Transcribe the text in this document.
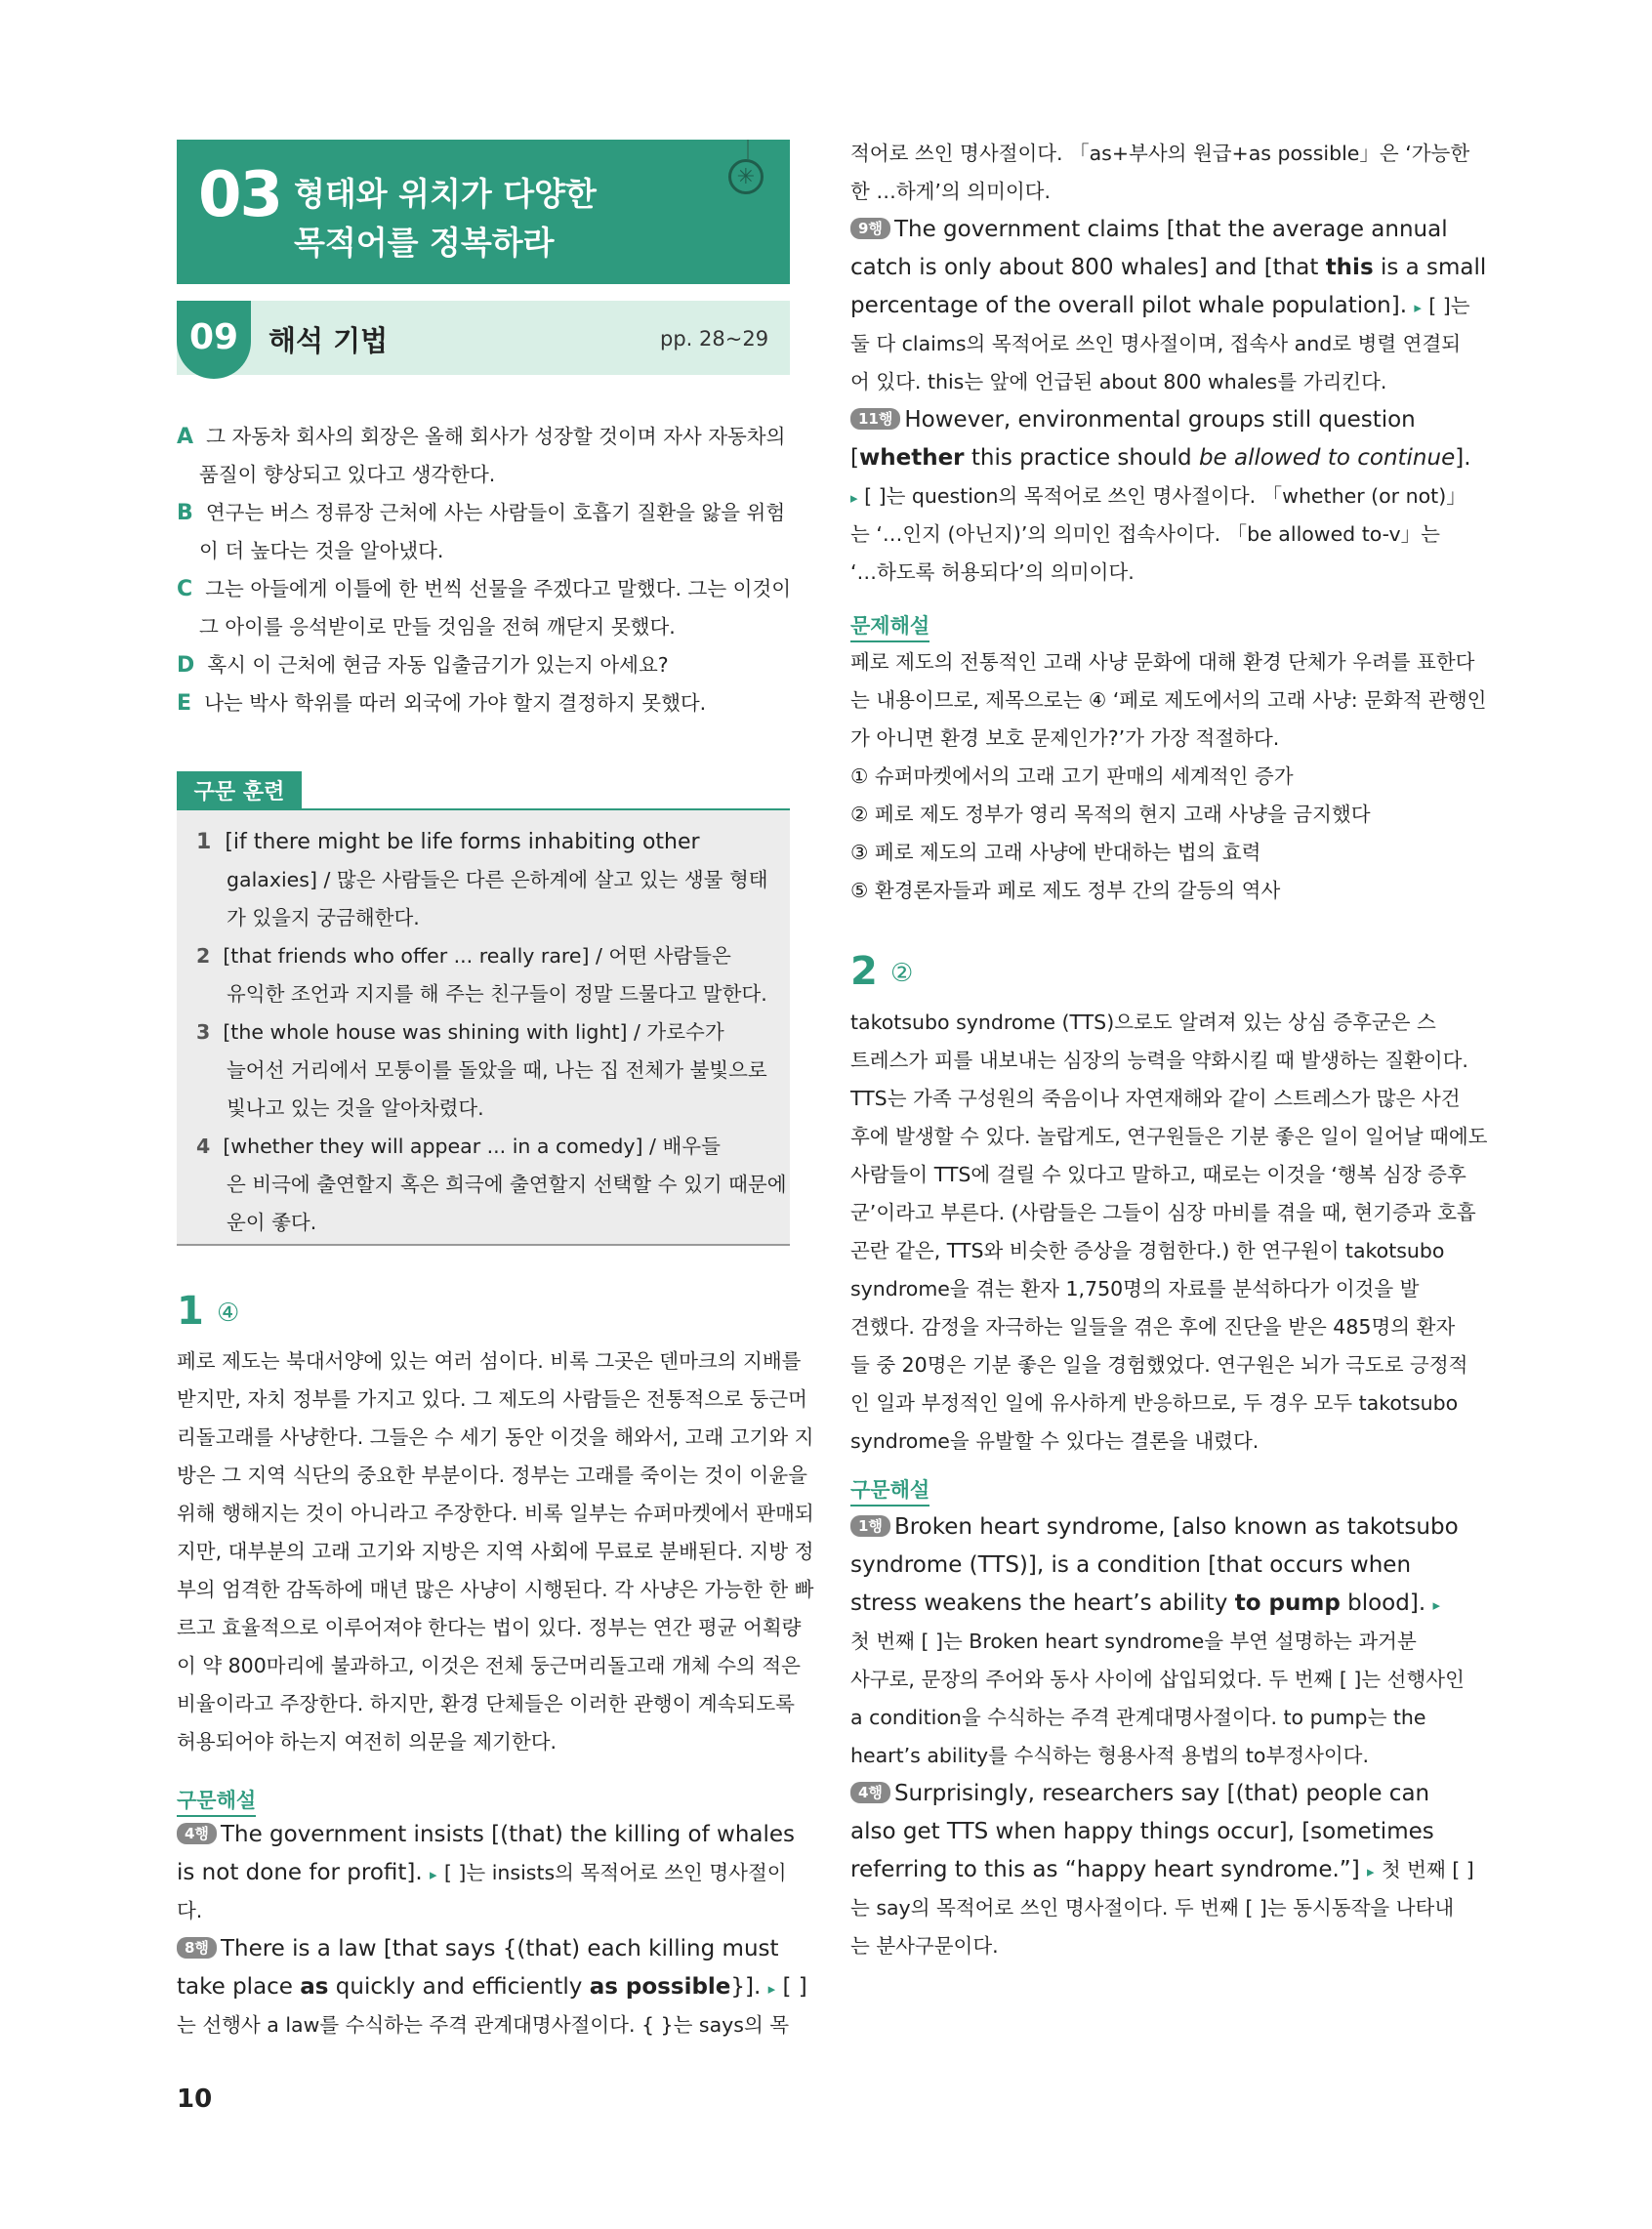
03 형태와 위치가 다양한
목적어를 정복하라
✳
09	해석 기법	pp. 28~29
A 그 자동차 회사의 회장은 올해 회사가 성장할 것이며 자사 자동차의
품질이 향상되고 있다고 생각한다.
B 연구는 버스 정류장 근처에 사는 사람들이 호흡기 질환을 앓을 위험
이 더 높다는 것을 알아냈다.
C 그는 아들에게 이틀에 한 번씩 선물을 주겠다고 말했다. 그는 이것이
그 아이를 응석받이로 만들 것임을 전혀 깨닫지 못했다.
D 혹시 이 근처에 현금 자동 입출금기가 있는지 아세요?
E 나는 박사 학위를 따러 외국에 가야 할지 결정하지 못했다.
구문 훈련
1 [if there might be life forms inhabiting other
galaxies] / 많은 사람들은 다른 은하계에 살고 있는 생물 형태
가 있을지 궁금해한다.
2 [that friends who offer ... really rare] / 어떤 사람들은
유익한 조언과 지지를 해 주는 친구들이 정말 드물다고 말한다.
3 [the whole house was shining with light] / 가로수가
늘어선 거리에서 모퉁이를 돌았을 때, 나는 집 전체가 불빛으로
빛나고 있는 것을 알아차렸다.
4 [whether they will appear ... in a comedy] / 배우들
은 비극에 출연할지 혹은 희극에 출연할지 선택할 수 있기 때문에
운이 좋다.
1 ④
페로 제도는 북대서양에 있는 여러 섬이다. 비록 그곳은 덴마크의 지배를
받지만, 자치 정부를 가지고 있다. 그 제도의 사람들은 전통적으로 둥근머
리돌고래를 사냥한다. 그들은 수 세기 동안 이것을 해와서, 고래 고기와 지
방은 그 지역 식단의 중요한 부분이다. 정부는 고래를 죽이는 것이 이윤을
위해 행해지는 것이 아니라고 주장한다. 비록 일부는 슈퍼마켓에서 판매되
지만, 대부분의 고래 고기와 지방은 지역 사회에 무료로 분배된다. 지방 정
부의 엄격한 감독하에 매년 많은 사냥이 시행된다. 각 사냥은 가능한 한 빠
르고 효율적으로 이루어져야 한다는 법이 있다. 정부는 연간 평균 어획량
이 약 800마리에 불과하고, 이것은 전체 둥근머리돌고래 개체 수의 적은
비율이라고 주장한다. 하지만, 환경 단체들은 이러한 관행이 계속되도록
허용되어야 하는지 여전히 의문을 제기한다.
구문해설
4행 The government insists [(that) the killing of whales
is not done for profit]. ▸ [ ]는 insists의 목적어로 쓰인 명사절이
다.
8행 There is a law [that says {(that) each killing must
take place as quickly and efficiently as possible}]. ▸ [ ]
는 선행사 a law를 수식하는 주격 관계대명사절이다. { }는 says의 목
10
적어로 쓰인 명사절이다. 「as+부사의 원급+as possible」은 ‘가능한
한 …하게’의 의미이다.
9행 The government claims [that the average annual
catch is only about 800 whales] and [that this is a small
percentage of the overall pilot whale population]. ▸ [ ]는
둘 다 claims의 목적어로 쓰인 명사절이며, 접속사 and로 병렬 연결되
어 있다. this는 앞에 언급된 about 800 whales를 가리킨다.
11행 However, environmental groups still question
[whether this practice should be allowed to continue].
▸ [ ]는 question의 목적어로 쓰인 명사절이다. 「whether (or not)」
는 ‘…인지 (아닌지)’의 의미인 접속사이다. 「be allowed to-v」는
‘…하도록 허용되다’의 의미이다.
문제해설
페로 제도의 전통적인 고래 사냥 문화에 대해 환경 단체가 우려를 표한다
는 내용이므로, 제목으로는 ④ ‘페로 제도에서의 고래 사냥: 문화적 관행인
가 아니면 환경 보호 문제인가?’가 가장 적절하다.
① 슈퍼마켓에서의 고래 고기 판매의 세계적인 증가
② 페로 제도 정부가 영리 목적의 현지 고래 사냥을 금지했다
③ 페로 제도의 고래 사냥에 반대하는 법의 효력
⑤ 환경론자들과 페로 제도 정부 간의 갈등의 역사
2 ②
takotsubo syndrome (TTS)으로도 알려져 있는 상심 증후군은 스
트레스가 피를 내보내는 심장의 능력을 약화시킬 때 발생하는 질환이다.
TTS는 가족 구성원의 죽음이나 자연재해와 같이 스트레스가 많은 사건
후에 발생할 수 있다. 놀랍게도, 연구원들은 기분 좋은 일이 일어날 때에도
사람들이 TTS에 걸릴 수 있다고 말하고, 때로는 이것을 ‘행복 심장 증후
군’이라고 부른다. (사람들은 그들이 심장 마비를 겪을 때, 현기증과 호흡
곤란 같은, TTS와 비슷한 증상을 경험한다.) 한 연구원이 takotsubo
syndrome을 겪는 환자 1,750명의 자료를 분석하다가 이것을 발
견했다. 감정을 자극하는 일들을 겪은 후에 진단을 받은 485명의 환자
들 중 20명은 기분 좋은 일을 경험했었다. 연구원은 뇌가 극도로 긍정적
인 일과 부정적인 일에 유사하게 반응하므로, 두 경우 모두 takotsubo
syndrome을 유발할 수 있다는 결론을 내렸다.
구문해설
1행 Broken heart syndrome, [also known as takotsubo
syndrome (TTS)], is a condition [that occurs when
stress weakens the heart’s ability to pump blood]. ▸
첫 번째 [ ]는 Broken heart syndrome을 부연 설명하는 과거분
사구로, 문장의 주어와 동사 사이에 삽입되었다. 두 번째 [ ]는 선행사인
a condition을 수식하는 주격 관계대명사절이다. to pump는 the
heart’s ability를 수식하는 형용사적 용법의 to부정사이다.
4행 Surprisingly, researchers say [(that) people can
also get TTS when happy things occur], [sometimes
referring to this as “happy heart syndrome.”] ▸ 첫 번째 [ ]
는 say의 목적어로 쓰인 명사절이다. 두 번째 [ ]는 동시동작을 나타내
는 분사구문이다.
